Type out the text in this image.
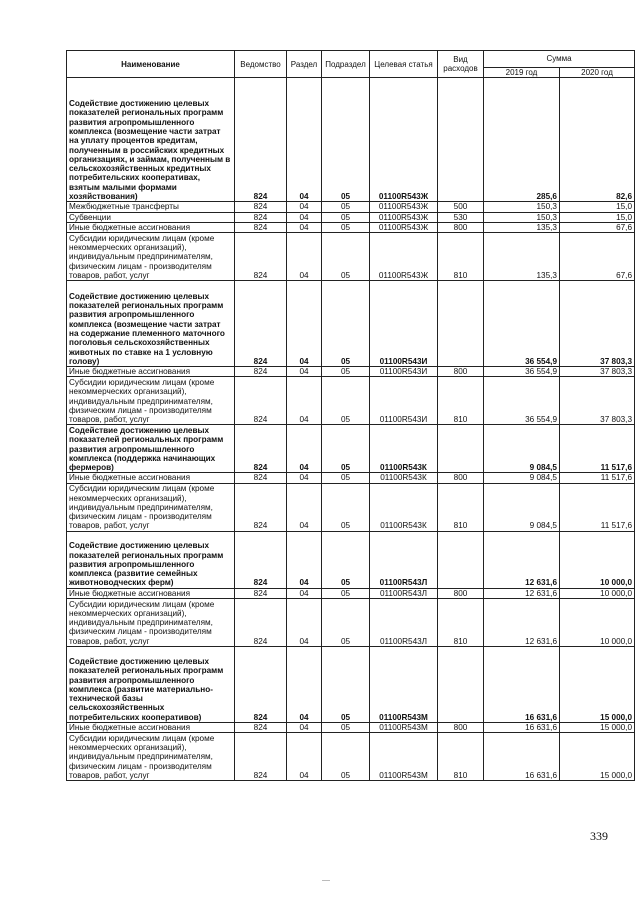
Наименование	Ведомство	Раздел	Подраздел	Целевая статья	Вид расходов	Сумма	
						2019 год	2020 год
Содействие достижению целевых показателей региональных программ развития агропромышленного комплекса (возмещение части затрат на уплату процентов кредитам, полученным в российских кредитных организациях, и займам, полученным в сельскохозяйственных кредитных потребительских кооперативах, взятым малыми формами хозяйствования)	824	04	05	01100R543Ж		285,6	82,6
Межбюджетные трансферты	824	04	05	01100R543Ж	500	150,3	15,0
Субвенции	824	04	05	01100R543Ж	530	150,3	15,0
Иные бюджетные ассигнования	824	04	05	01100R543Ж	800	135,3	67,6
Субсидии юридическим лицам (кроме некоммерческих организаций), индивидуальным предпринимателям, физическим лицам - производителям товаров, работ, услуг	824	04	05	01100R543Ж	810	135,3	67,6
Содействие достижению целевых показателей региональных программ развития агропромышленного комплекса (возмещение части затрат на содержание племенного маточного поголовья сельскохозяйственных животных по ставке на 1 условную голову)	824	04	05	01100R543И		36 554,9	37 803,3
Иные бюджетные ассигнования	824	04	05	01100R543И	800	36 554,9	37 803,3
Субсидии юридическим лицам (кроме некоммерческих организаций), индивидуальным предпринимателям, физическим лицам - производителям товаров, работ, услуг	824	04	05	01100R543И	810	36 554,9	37 803,3
Содействие достижению целевых показателей региональных программ развития агропромышленного комплекса (поддержка начинающих фермеров)	824	04	05	01100R543К		9 084,5	11 517,6
Иные бюджетные ассигнования	824	04	05	01100R543К	800	9 084,5	11 517,6
Субсидии юридическим лицам (кроме некоммерческих организаций), индивидуальным предпринимателям, физическим лицам - производителям товаров, работ, услуг	824	04	05	01100R543К	810	9 084,5	11 517,6
Содействие достижению целевых показателей региональных программ развития агропромышленного комплекса (развитие семейных животноводческих ферм)	824	04	05	01100R543Л		12 631,6	10 000,0
Иные бюджетные ассигнования	824	04	05	01100R543Л	800	12 631,6	10 000,0
Субсидии юридическим лицам (кроме некоммерческих организаций), индивидуальным предпринимателям, физическим лицам - производителям товаров, работ, услуг	824	04	05	01100R543Л	810	12 631,6	10 000,0
Содействие достижению целевых показателей региональных программ развития агропромышленного комплекса (развитие материально-технической базы сельскохозяйственных потребительских кооперативов)	824	04	05	01100R543М		16 631,6	15 000,0
Иные бюджетные ассигнования	824	04	05	01100R543М	800	16 631,6	15 000,0
Субсидии юридическим лицам (кроме некоммерческих организаций), индивидуальным предпринимателям, физическим лицам - производителям товаров, работ, услуг	824	04	05	01100R543М	810	16 631,6	15 000,0
339
